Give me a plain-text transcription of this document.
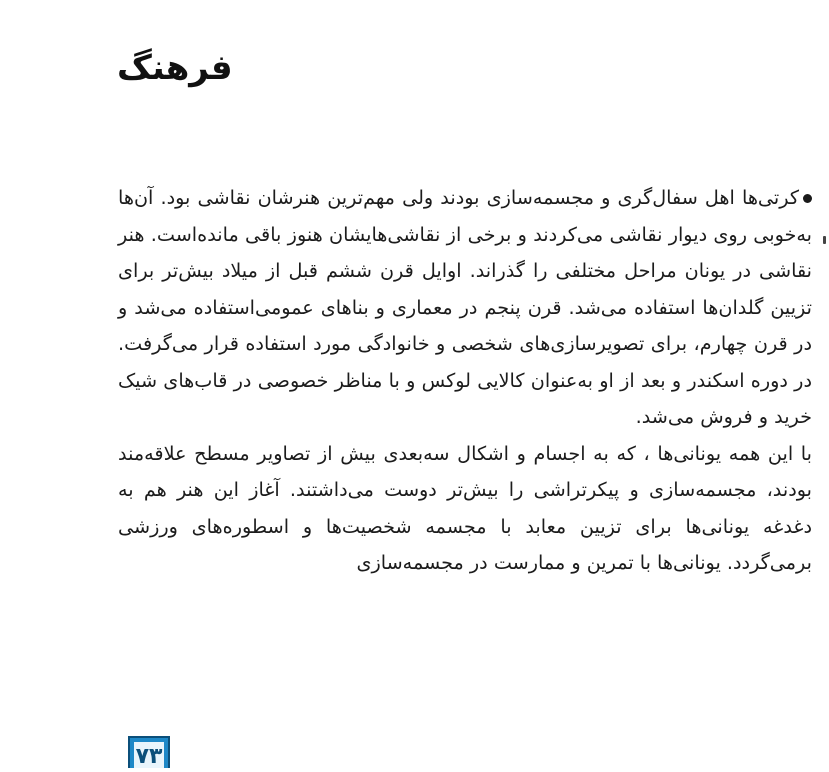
فرهنگ

کرتی‌ها اهل سفال‌گری و مجسمه‌سازی بودند ولی مهم‌ترین هنرشان نقاشی بود. آن‌ها به‌خوبی روی دیوار نقاشی می‌کردند و برخی از نقاشی‌هایشان هنوز باقی مانده‌است. هنر نقاشی در یونان مراحل مختلفی را گذراند. اوایل قرن ششم قبل از میلاد بیش‌تر برای تزیین گلدان‌ها استفاده می‌شد. قرن پنجم در معماری و بناهای عمومی‌استفاده می‌شد و در قرن چهارم، برای تصویرسازی‌های شخصی و خانوادگی مورد استفاده قرار می‌گرفت. در دوره اسکندر و بعد از او به‌عنوان کالایی لوکس و با مناظر خصوصی در قاب‌های شیک خرید و فروش می‌شد.

با این همه یونانی‌ها ، که به اجسام و اشکال سه‌بعدی بیش از تصاویر مسطح علاقه‌مند بودند، مجسمه‌سازی و پیکرتراشی را بیش‌تر دوست می‌داشتند. آغاز این هنر هم به دغدغه یونانی‌ها برای تزیین معابد با مجسمه شخصیت‌ها و اسطوره‌های ورزشی برمی‌گردد. یونانی‌ها با تمرین و ممارست در مجسمه‌سازی

۷۳
